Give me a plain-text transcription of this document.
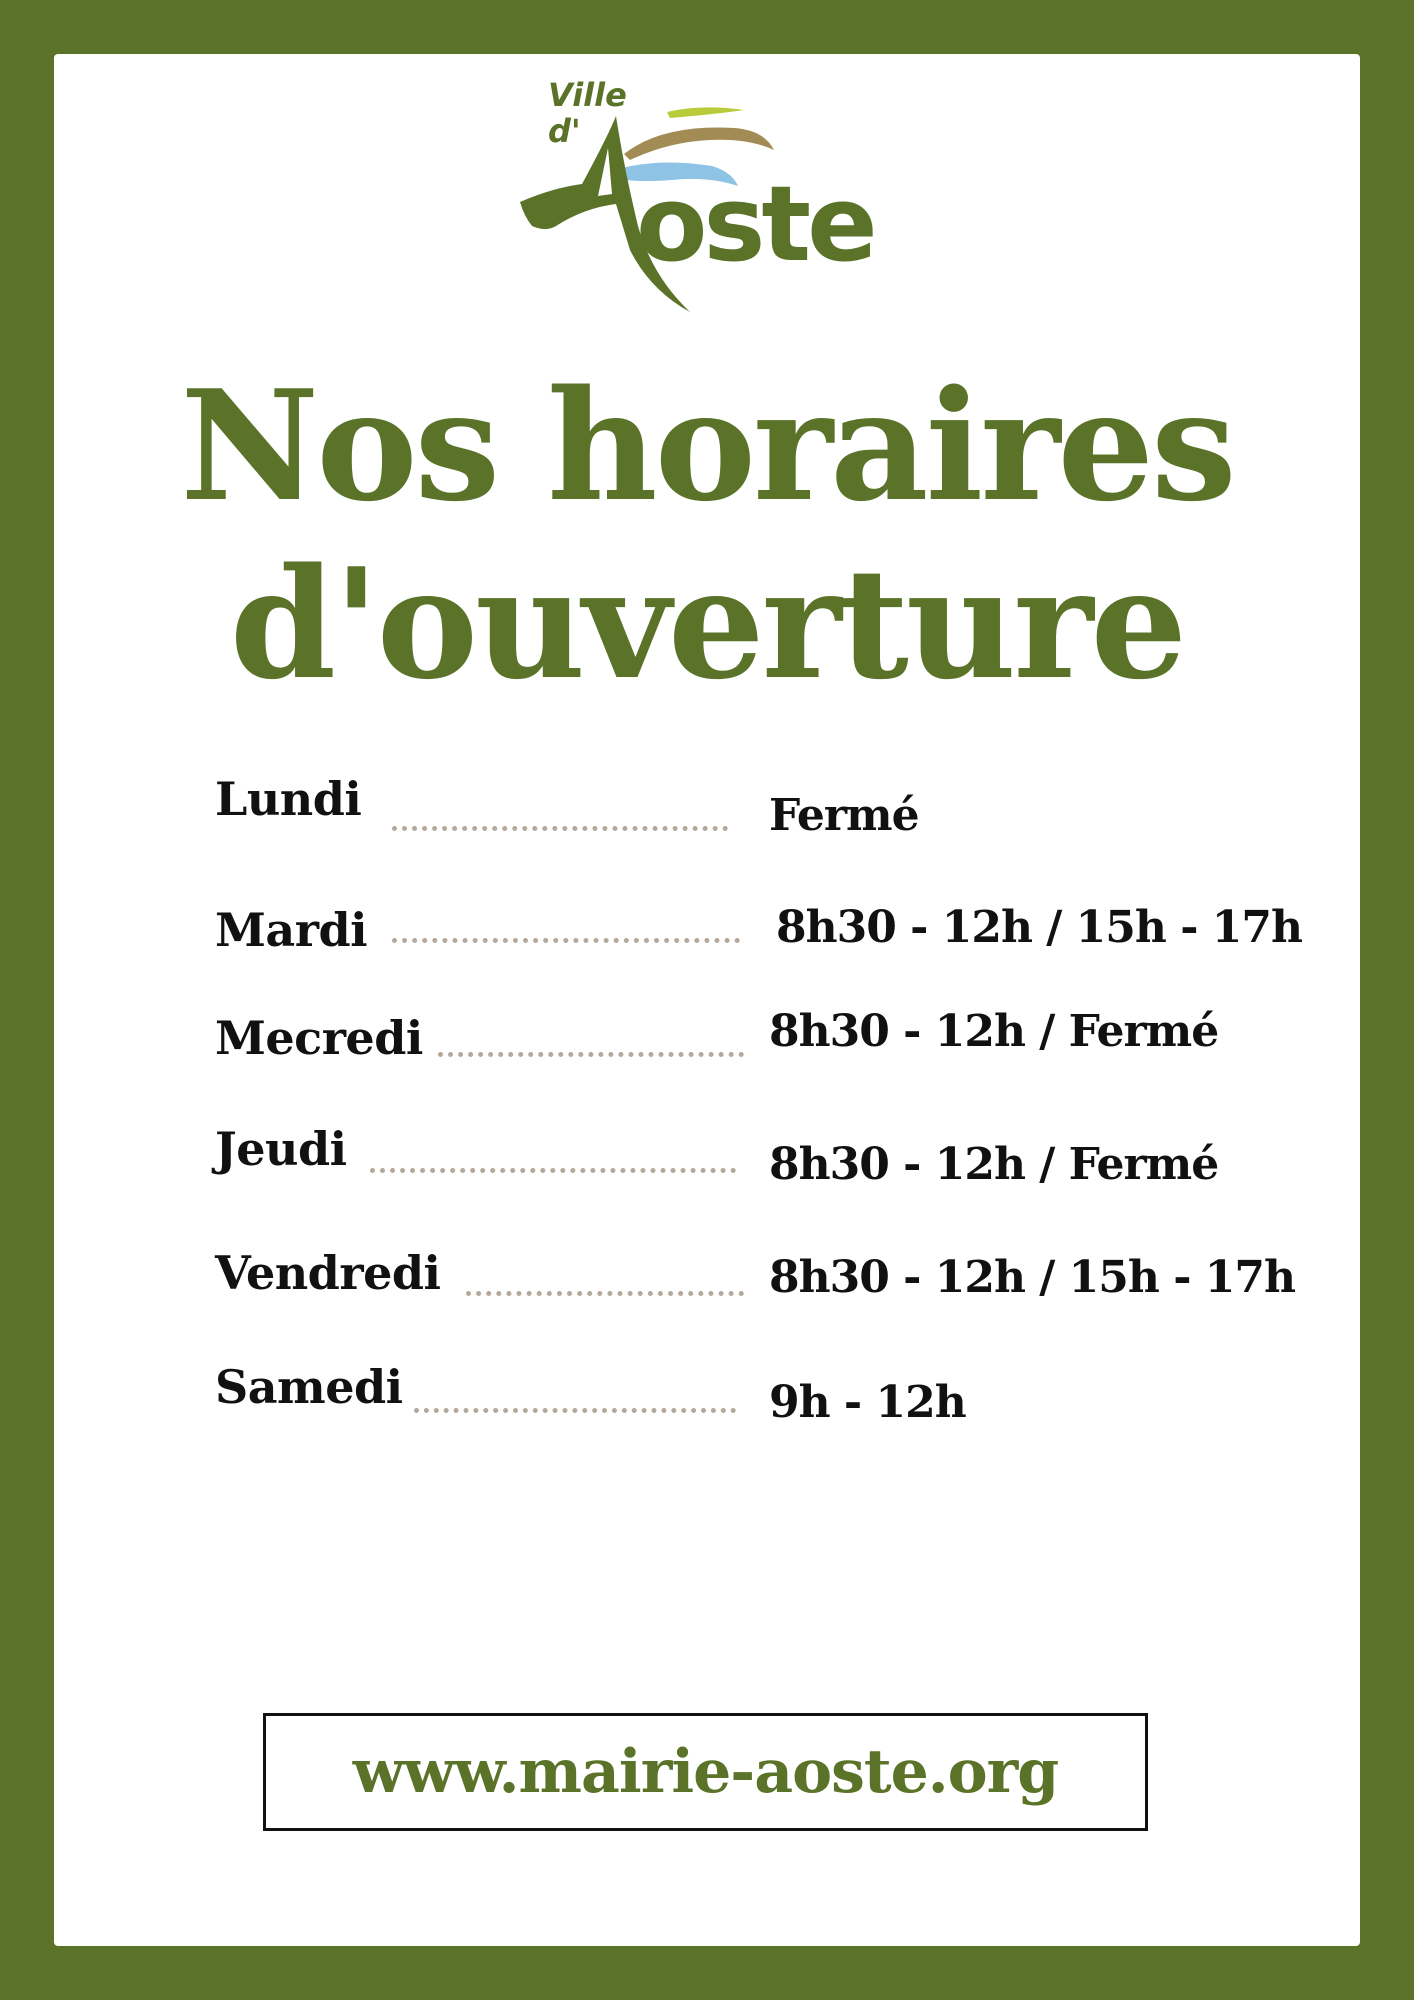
Ville
d'
oste
Nos horaires
d'ouverture
Lundi	Fermé
Mardi	8h30 - 12h / 15h - 17h
Mecredi	8h30 - 12h / Fermé
Jeudi	8h30 - 12h / Fermé
Vendredi	8h30 - 12h / 15h - 17h
Samedi	9h - 12h
www.mairie-aoste.org
